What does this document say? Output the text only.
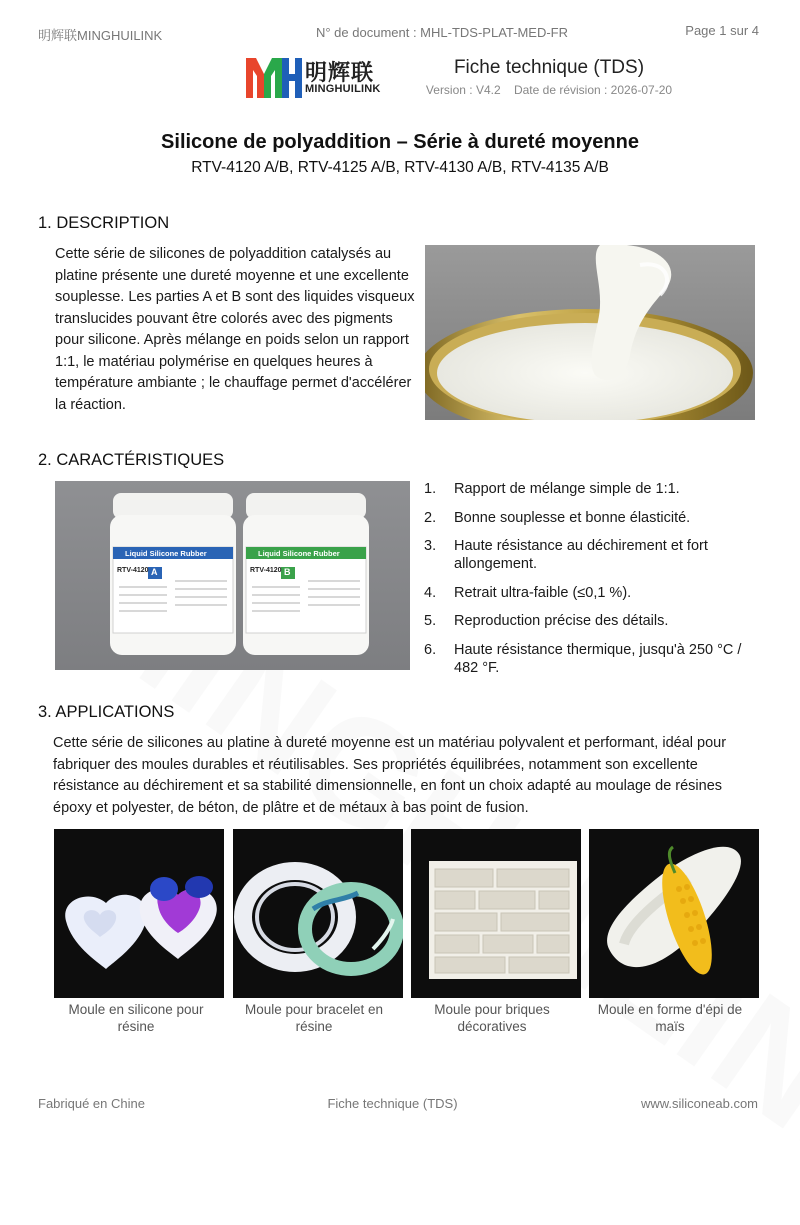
明辉联MINGHUILINK	N° de document : MHL-TDS-PLAT-MED-FR	Page 1 sur 4
明辉联
MINGHUILINK
Fiche technique (TDS)
Version : V4.2    Date de révision : 2026-07-20
Silicone de polyaddition – Série à dureté moyenne
RTV-4120 A/B, RTV-4125 A/B, RTV-4130 A/B, RTV-4135 A/B
1. DESCRIPTION
Cette série de silicones de polyaddition catalysés au platine présente une dureté moyenne et une excellente souplesse. Les parties A et B sont des liquides visqueux translucides pouvant être colorés avec des pigments pour silicone. Après mélange en poids selon un rapport 1:1, le matériau polymérise en quelques heures à température ambiante ; le chauffage permet d'accélérer la réaction.
2. CARACTÉRISTIQUES
Liquid Silicone Rubber
RTV-4120 A
Liquid Silicone Rubber
RTV-4120 B
1. Rapport de mélange simple de 1:1.
2. Bonne souplesse et bonne élasticité.
3. Haute résistance au déchirement et fort allongement.
4. Retrait ultra-faible (≤0,1 %).
5. Reproduction précise des détails.
6. Haute résistance thermique, jusqu'à 250 °C / 482 °F.
3. APPLICATIONS
Cette série de silicones au platine à dureté moyenne est un matériau polyvalent et performant, idéal pour fabriquer des moules durables et réutilisables. Ses propriétés équilibrées, notamment son excellente résistance au déchirement et sa stabilité dimensionnelle, en font un choix adapté au moulage de résines époxy et polyester, de béton, de plâtre et de métaux à bas point de fusion.
Moule en silicone pour résine
Moule pour bracelet en résine
Moule pour briques décoratives
Moule en forme d'épi de maïs
Fabriqué en Chine	Fiche technique (TDS)	www.siliconeab.com
